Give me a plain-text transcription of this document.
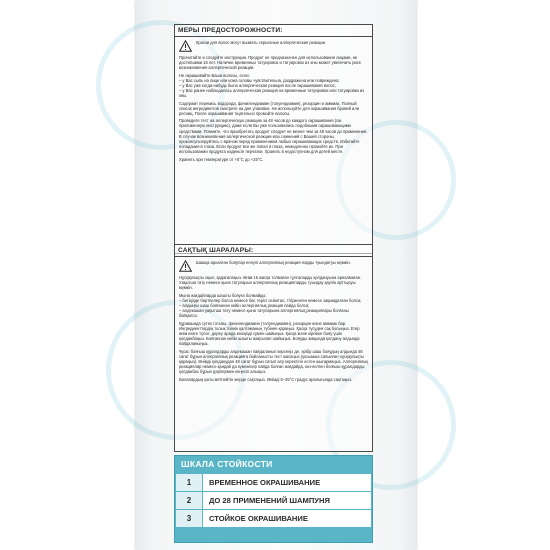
МЕРЫ ПРЕДОСТОРОЖНОСТИ:
Краски для волос могут вызвать серьезные аллергические реакции.

Прочитайте и следуйте инструкции. Продукт не предназначен для использования лицами, не достигшими 16 лет. Наличие временных татуировок и татуировок из хны может увеличить риск возникновения аллергической реакции.

Не окрашивайте Ваши волосы, если:

– у Вас сыпь на лице или кожа головы чувствительна, раздражена или повреждена;

– у Вас уже когда-нибудь была аллергическая реакция после окрашивания волос;

– у Вас ранее наблюдалась аллергическая реакция на временные татуировки или татуировки из хны.

Содержит перекись водорода, фенилендиамин (толуендиамин), резорцин и аммиак. Полный список ингредиентов смотрите на дне упаковки. Не используйте для окрашивания бровей или ресниц. После окрашивания тщательно промойте волосы.

Проведите тест на аллергическую реакцию за 48 часов до каждого окрашивания (см. приложенную инструкцию), даже если Вы уже пользовались подобными окрашивающими средствами. Помните, что приобретать продукт следует не менее чем за 48 часов до применения. В случае возникновения аллергической реакции или сомнений с Вашей стороны, проконсультируйтесь с врачом перед применением любых окрашивающих средств. Избегайте попадания в глаза. Если продукт все же попал в глаза, немедленно промойте их. При использовании продукта наденьте перчатки. Хранить в недоступном для детей месте.

Хранить при температуре от +5°С до +25°С.

САҚТЫҚ ШАРАЛАРЫ:
Шашқа арналған бояулар елеулі аллергиялық реакция-ларды туындатуы мүмкін.

Нұсқаулықты оқып, қадағалаңыз. Өнім 16 жасқа толмаған тұлғаларды қолдануына арналмаған. Уақытша тату немесе қына татуларын аллергиялық реакцияларды туындау қаупін арттыруы мүмкін.

Мына жағдайларда шашты бояуға болмайды:

– бетіңізде бөртпелер болса немесе бас терісі сезімтал, тітіркенген немесе зақымдалған болса;

– алдыңғы шаш бояғаннан кейін аллергиялық реакция пайда болса;

– алдекашан уақытша тату немесе қына татуларына аллергиялық реакциялары болғаны байқалса.

Құрамында сутек тотығы, фенилендиамин (толуендиамин), резорцин және аммиак бар. Ингредиенттердің толық тізімін қалтаманың түбінен қараңыз. Қасқа түсуден сақ болыңыз. Егер өнім көзге түссе, дереу арада көзіңізді сумен шайыңыз. Қасқа және кірпікке бояу үшін қолданбаңыз. Бояғаннан кейін шашты жақсылап шайыңыз. Бояуды жақында қолдану алдында пайдаланыңыз.

Ұқсас бояғыш құралдарды алдекашан пайдаланып көрсеңіз де, әрбір шаш бояудың алдында 48 сағат бұрын аллергиялық реакцияға байланысты тест жасаңыз (қосымша салынған нұсқаулықты қараңыз). Өнімді қолданудан 48 сағат бұрын сатып алу керектігін естен шығармаңыз. Аллергиялық реакциялар немесе қандай да күмәнілер пайда болған жағдайда, кез-келген бояғыш құралдарды қолданбас бұрын дәрігермен кеңесіп алыңыз.

Балалардың қолы жетпейтін жерде сақтаңыз. Өнімді 5–25°С градус аралығында сақтаңыз.

ШКАЛА СТОЙКОСТИ
1	ВРЕМЕННОЕ ОКРАШИВАНИЕ
2	ДО 28 ПРИМЕНЕНИЙ ШАМПУНЯ
3	СТОЙКОЕ ОКРАШИВАНИЕ
